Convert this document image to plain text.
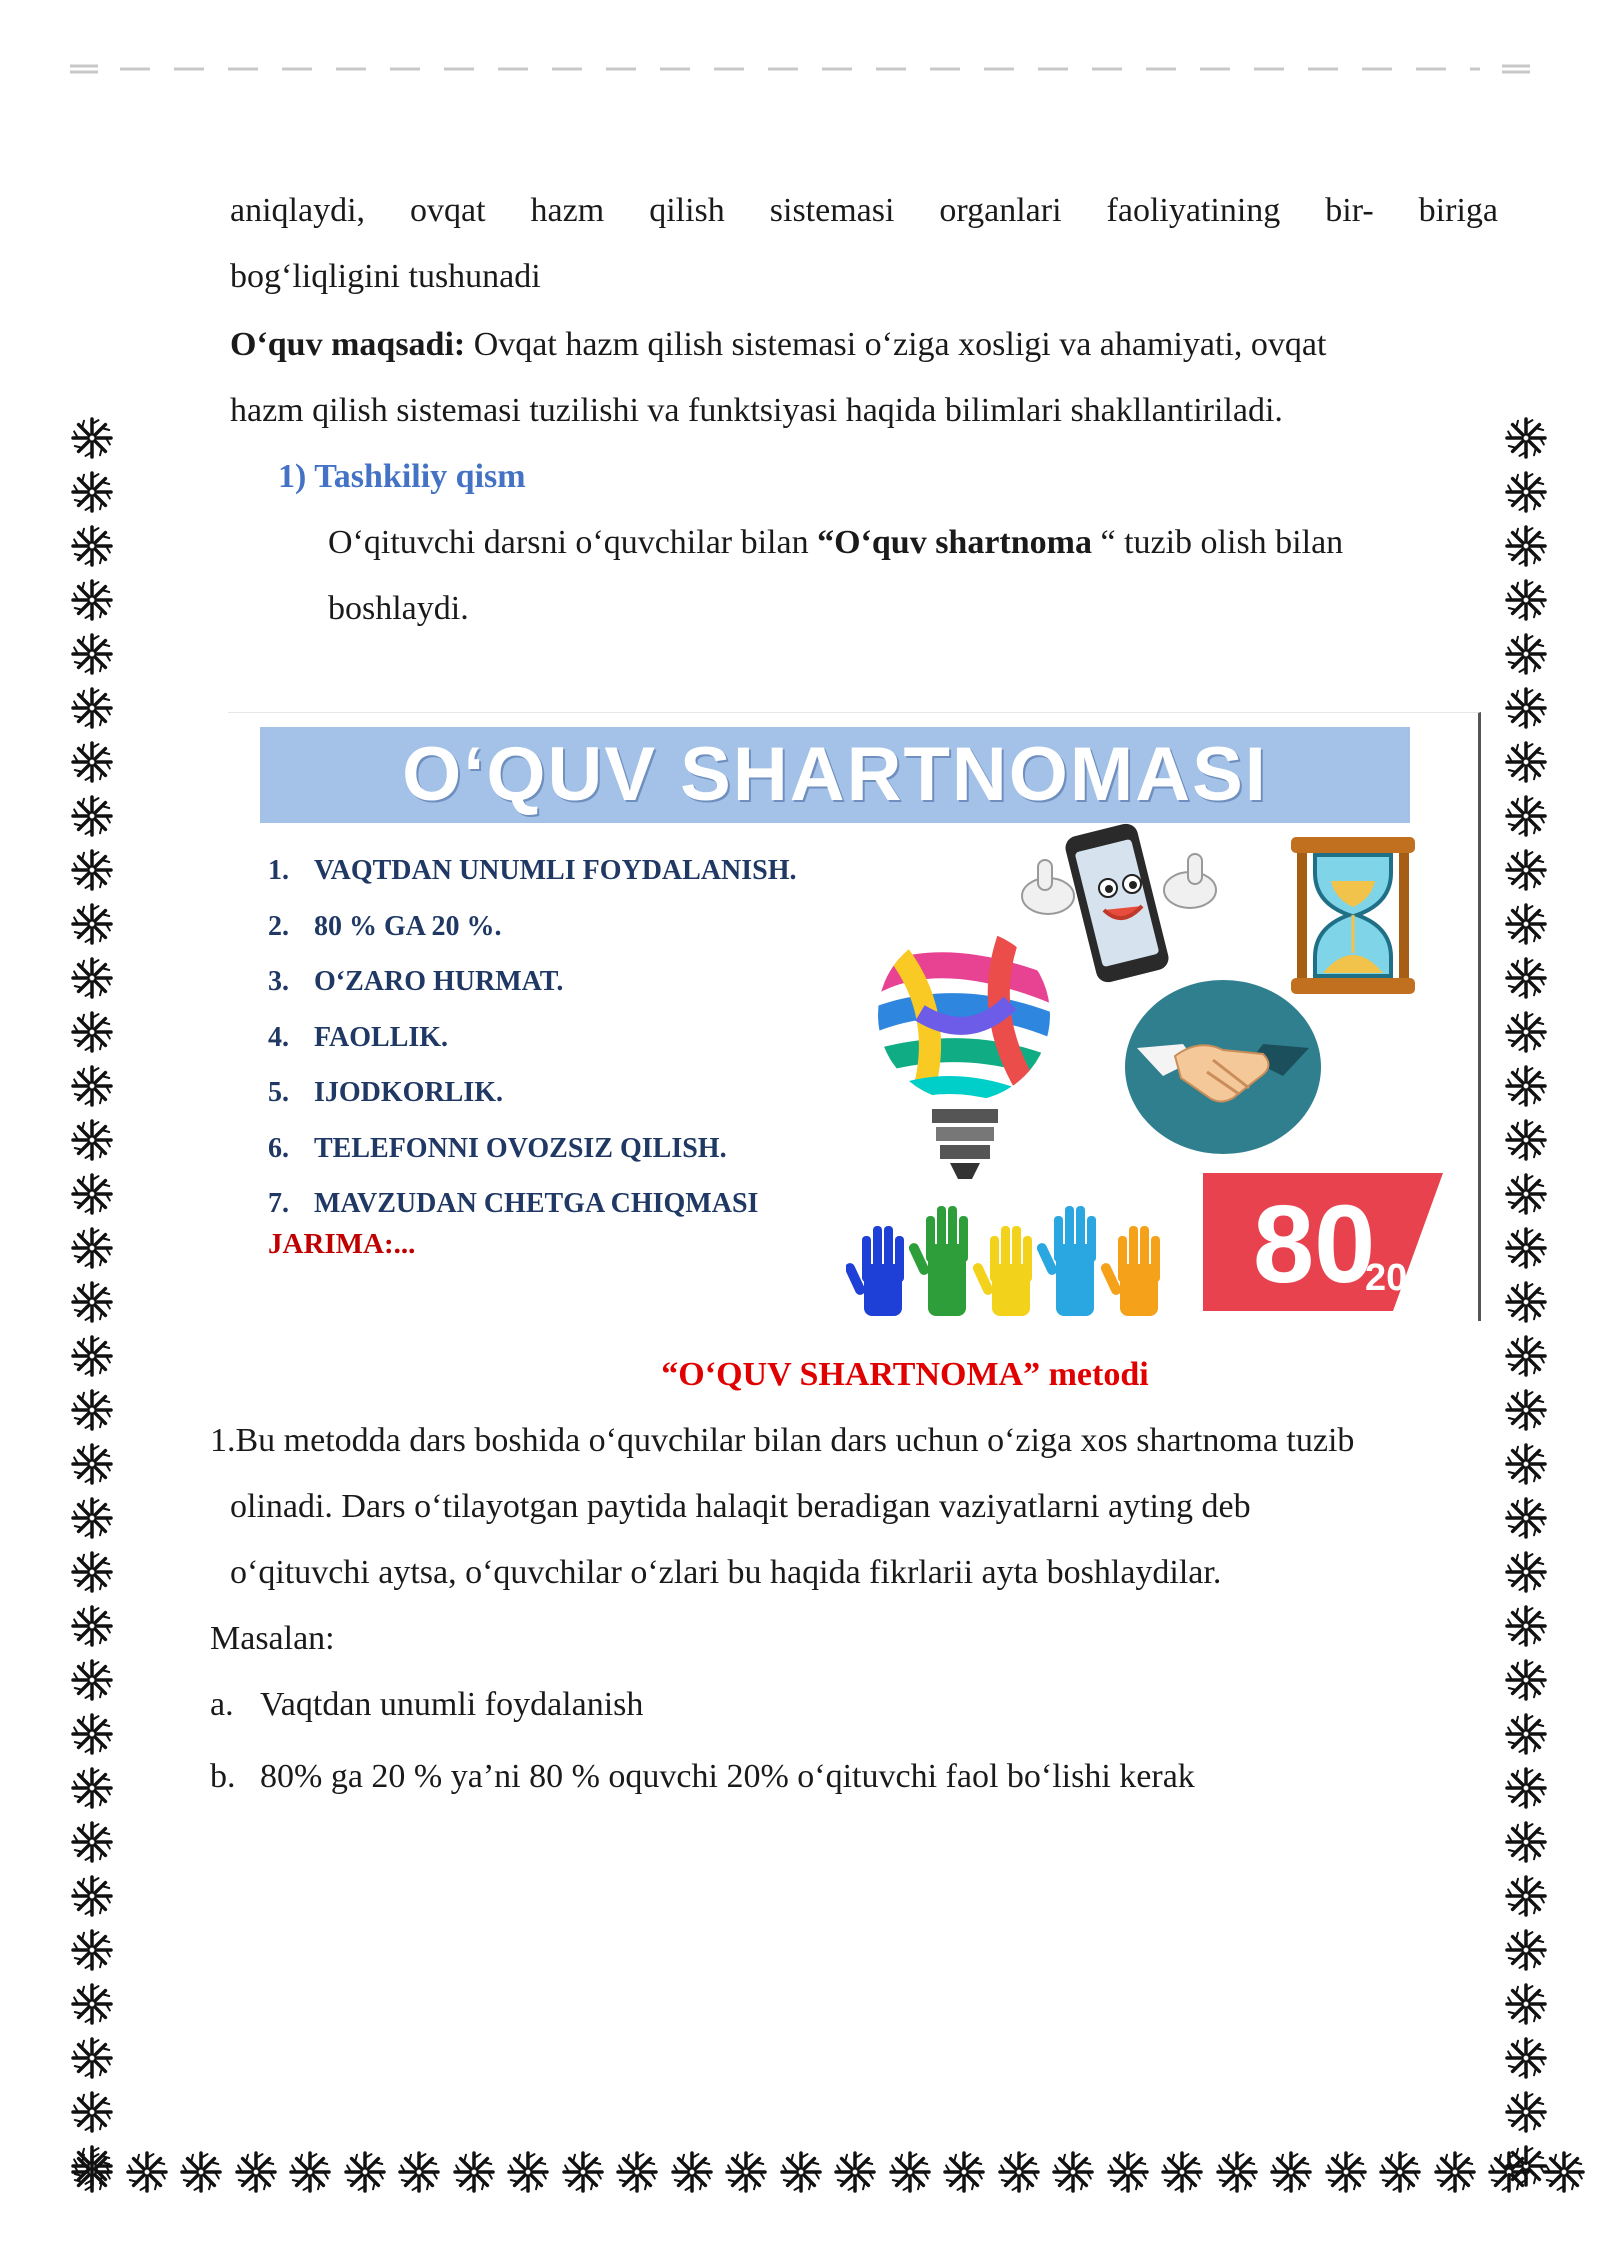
aniqlaydi, ovqat hazm qilish sistemasi organlari faoliyatining bir- biriga
bog‘liqligini tushunadi
O‘quv maqsadi: Ovqat hazm qilish sistemasi o‘ziga xosligi va ahamiyati, ovqat
hazm qilish sistemasi tuzilishi va funktsiyasi haqida bilimlari shakllantiriladi.
1) Tashkiliy qism
O‘qituvchi darsni o‘quvchilar bilan “O‘quv shartnoma “ tuzib olish bilan
boshlaydi.
O‘QUV SHARTNOMASI
1. VAQTDAN UNUMLI FOYDALANISH.
2. 80 % GA 20 %.
3. O‘ZARO HURMAT.
4. FAOLLIK.
5. IJODKORLIK.
6. TELEFONNI OVOZSIZ QILISH.
7. MAVZUDAN CHETGA CHIQMASI
JARIMA:...	80
20
“O‘QUV SHARTNOMA” metodi
1.Bu metodda dars boshida o‘quvchilar bilan dars uchun o‘ziga xos shartnoma tuzib
olinadi. Dars o‘tilayotgan paytida halaqit beradigan vaziyatlarni ayting deb
o‘qituvchi aytsa, o‘quvchilar o‘zlari bu haqida fikrlarii ayta boshlaydilar.
Masalan:
a. Vaqtdan unumli foydalanish
b. 80% ga 20 % ya’ni 80 % oquvchi 20% o‘qituvchi faol bo‘lishi kerak
